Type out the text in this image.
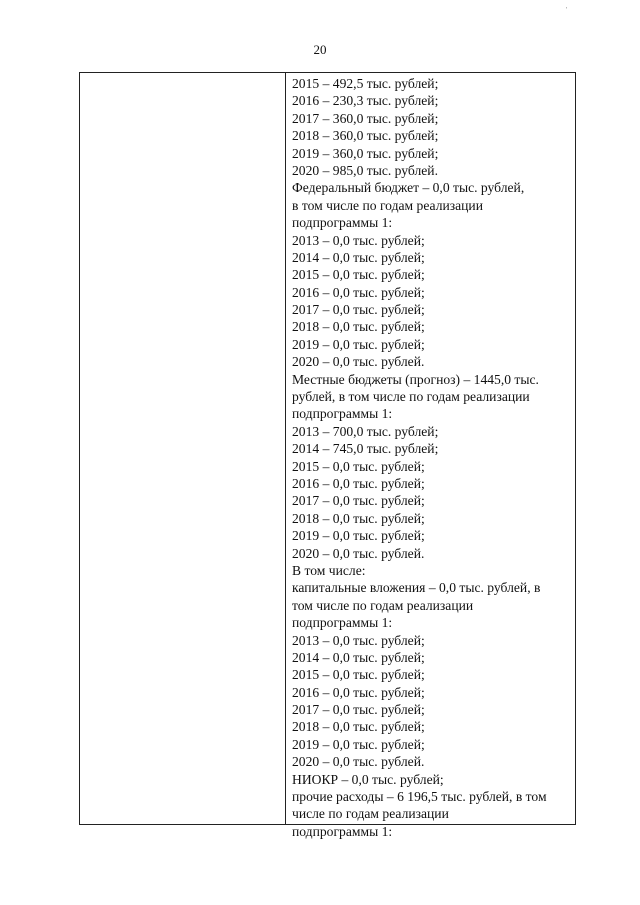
'
20
2015 – 492,5 тыс. рублей;
2016 – 230,3 тыс. рублей;
2017 – 360,0 тыс. рублей;
2018 – 360,0 тыс. рублей;
2019 – 360,0 тыс. рублей;
2020 – 985,0 тыс. рублей.
Федеральный бюджет – 0,0 тыс. рублей,
в том числе по годам реализации
подпрограммы 1:
2013 – 0,0 тыс. рублей;
2014 – 0,0 тыс. рублей;
2015 – 0,0 тыс. рублей;
2016 – 0,0 тыс. рублей;
2017 – 0,0 тыс. рублей;
2018 – 0,0 тыс. рублей;
2019 – 0,0 тыс. рублей;
2020 – 0,0 тыс. рублей.
Местные бюджеты (прогноз) – 1445,0 тыс.
рублей, в том числе по годам реализации
подпрограммы 1:
2013 – 700,0 тыс. рублей;
2014 – 745,0 тыс. рублей;
2015 – 0,0 тыс. рублей;
2016 – 0,0 тыс. рублей;
2017 – 0,0 тыс. рублей;
2018 – 0,0 тыс. рублей;
2019 – 0,0 тыс. рублей;
2020 – 0,0 тыс. рублей.
В том числе:
капитальные вложения – 0,0 тыс. рублей, в
том числе по годам реализации
подпрограммы 1:
2013 – 0,0 тыс. рублей;
2014 – 0,0 тыс. рублей;
2015 – 0,0 тыс. рублей;
2016 – 0,0 тыс. рублей;
2017 – 0,0 тыс. рублей;
2018 – 0,0 тыс. рублей;
2019 – 0,0 тыс. рублей;
2020 – 0,0 тыс. рублей.
НИОКР – 0,0 тыс. рублей;
прочие расходы – 6 196,5 тыс. рублей, в том
числе по годам реализации
подпрограммы 1:
